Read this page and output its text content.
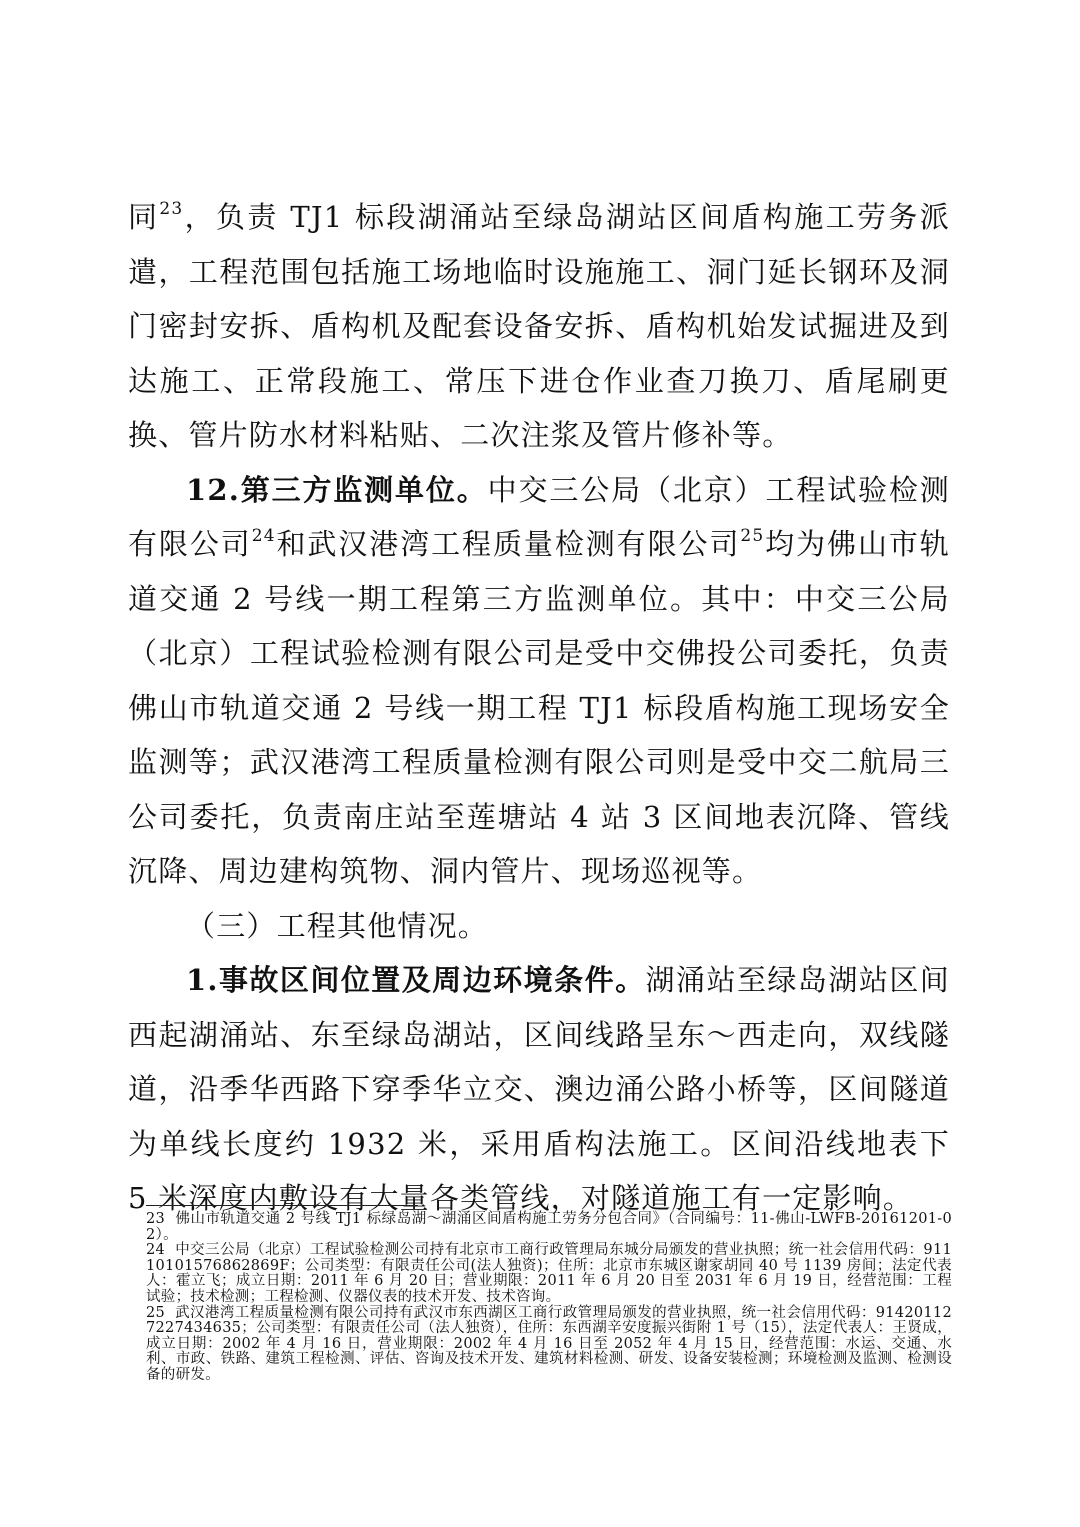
同$^{23}$，负责 TJ1 标段湖涌站至绿岛湖站区间盾构施工劳务派遣，工程范围包括施工场地临时设施施工、洞门延长钢环及洞门密封安拆、盾构机及配套设备安拆、盾构机始发试掘进及到达施工、正常段施工、常压下进仓作业查刀换刀、盾尾刷更换、管片防水材料粘贴、二次注浆及管片修补等。

12.第三方监测单位。中交三公局（北京）工程试验检测有限公司$^{24}$和武汉港湾工程质量检测有限公司$^{25}$均为佛山市轨道交通 2 号线一期工程第三方监测单位。其中：中交三公局（北京）工程试验检测有限公司是受中交佛投公司委托，负责佛山市轨道交通 2 号线一期工程 TJ1 标段盾构施工现场安全监测等；武汉港湾工程质量检测有限公司则是受中交二航局三公司委托，负责南庄站至莲塘站 4 站 3 区间地表沉降、管线沉降、周边建构筑物、洞内管片、现场巡视等。

（三）工程其他情况。

1.事故区间位置及周边环境条件。湖涌站至绿岛湖站区间西起湖涌站、东至绿岛湖站，区间线路呈东～西走向，双线隧道，沿季华西路下穿季华立交、澳边涌公路小桥等，区间隧道为单线长度约 1932 米，采用盾构法施工。区间沿线地表下 5 米深度内敷设有大量各类管线，对隧道施工有一定影响。

23 佛山市轨道交通 2 号线 TJ1 标绿岛湖～湖涌区间盾构施工劳务分包合同》（合同编号：11-佛山-LWFB-20161201-02）。

24 中交三公局（北京）工程试验检测公司持有北京市工商行政管理局东城分局颁发的营业执照；统一社会信用代码：91110101576862869F；公司类型：有限责任公司(法人独资)；住所：北京市东城区谢家胡同 40 号 1139 房间；法定代表人：霍立飞；成立日期：2011 年 6 月 20 日；营业期限：2011 年 6 月 20 日至 2031 年 6 月 19 日，经营范围：工程试验；技术检测；工程检测、仪器仪表的技术开发、技术咨询。

25 武汉港湾工程质量检测有限公司持有武汉市东西湖区工商行政管理局颁发的营业执照，统一社会信用代码：91420112722743463​5；公司类型：有限责任公司（法人独资），住所：东西湖辛安度振兴街附 1 号（15），法定代表人：王贤成，成立日期：2002 年 4 月 16 日，营业期限：2002 年 4 月 16 日至 2052 年 4 月 15 日，经营范围：水运、交通、水利、市政、铁路、建筑工程检测、评估、咨询及技术开发、建筑材料检测、研发、设备安装检测；环境检测及监测、检测设备的研发。
